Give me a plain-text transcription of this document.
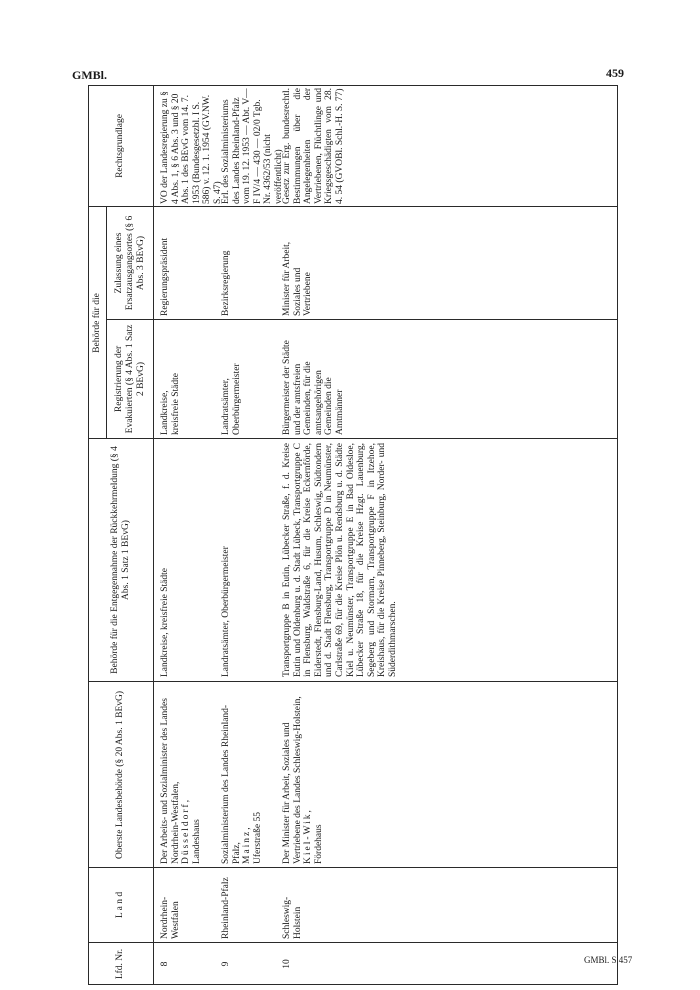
GMBl.	459
Lfd. Nr.
L a n d
Oberste Landesbehörde (§ 20 Abs. 1 BEvG)
Behörde für die Entgegennahme der Rückkehrmeldung (§ 4 Abs. 1 Satz 1 BEvG)
Behörde für die
Registrierung der Evakuierten (§ 4 Abs. 1 Satz 2 BEvG)
Zulassung eines Ersatzausgangsortes (§ 6 Abs. 3 BEvG)
Rechtsgrundlage
8
Nordrhein-Westfalen
Der Arbeits- und Sozialminister des Landes Nordrhein-Westfalen,
Düsseldorf,
Landeshaus
Landkreise, kreisfreie Städte
Landkreise, kreisfreie Städte
Regierungspräsident
VO der Landesregierung zu § 4 Abs. 1, § 6 Abs. 3 und § 20 Abs. 1 des BEvG vom 14. 7. 1953 (Bundesgesetzbl. I S. 586) v. 12. 1. 1954 (GV.NW. S. 47)
9
Rheinland-Pfalz
Sozialministerium des Landes Rheinland-Pfalz,
Mainz,
Uferstraße 55
Landratsämter, Oberbürgermeister
Landratsämter, Oberbürgermeister
Bezirksregierung
Erl. des Sozialministeriums des Landes Rheinland-Pfalz vom 19. 12. 1953 — Abt. V—F IV/4 — 430 — 02/0 Tgb. Nr. 4362/53 (nicht veröffentlicht)
10
Schleswig-Holstein
Der Minister für Arbeit, Soziales und Vertriebene des Landes Schleswig-Holstein,
Kiel-Wik,
Fördehaus
Transportgruppe B in Eutin, Lübecker Straße, f. d. Kreise Eutin und Oldenburg u. d. Stadt Lübeck, Transportgruppe C in Flensburg, Waldstraße 6, für die Kreise Eckernförde, Eiderstedt, Flensburg-Land, Husum, Schleswig, Südtondern und d. Stadt Flensburg, Transportgruppe D in Neumünster, Carlstraße 69, für die Kreise Plön u. Rendsburg u. d. Städte Kiel u. Neumünster, Transportgruppe E in Bad Oldesloe, Lübecker Straße 18, für die Kreise Hzgt. Lauenburg, Segeberg und Stormarn, Transportgruppe F in Itzehoe, Kreishaus, für die Kreise Pinneberg, Steinburg, Norder- und Süderdithmarschen.
Bürgermeister der Städte und der amtsfreien Gemeinden, für die amtsangehörigen Gemeinden die Amtmänner
Minister für Arbeit, Soziales und Vertriebene
Gesetz zur Erg. bundesrechtl. Bestimmungen über die Angelegenheiten der Vertriebenen, Flüchtlinge und Kriegsgeschädigten vom 28. 4. 54 (GVOBl. Schl.-H. S. 77)
GMBl. S 457
